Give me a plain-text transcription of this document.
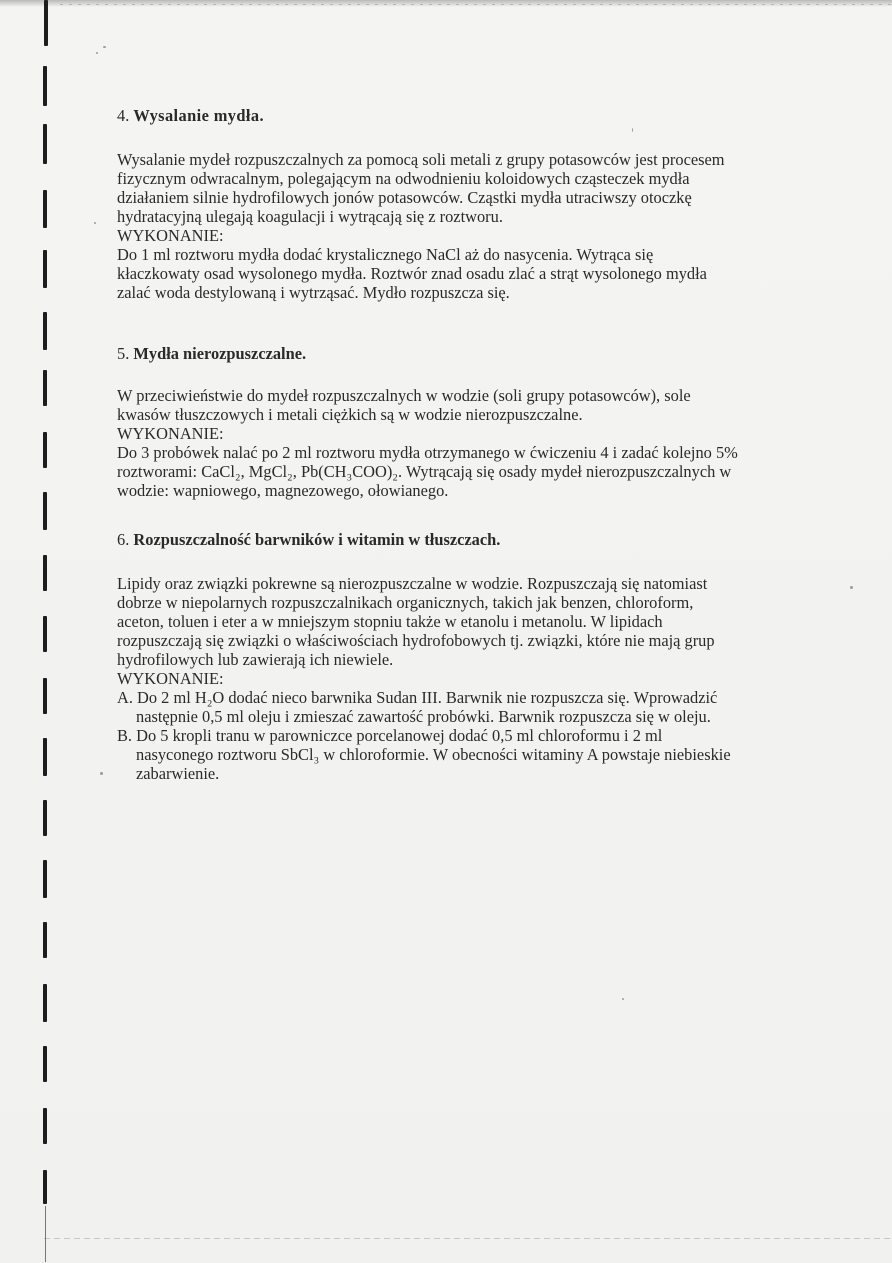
4. Wysalanie mydła.
Wysalanie mydeł rozpuszczalnych za pomocą soli metali z grupy potasowców jest procesem
fizycznym odwracalnym, polegającym na odwodnieniu koloidowych cząsteczek mydła
działaniem silnie hydrofilowych jonów potasowców. Cząstki mydła utraciwszy otoczkę
hydratacyjną ulegają koagulacji i wytrącają się z roztworu.
WYKONANIE:
Do 1 ml roztworu mydła dodać krystalicznego NaCl aż do nasycenia. Wytrąca się
kłaczkowaty osad wysolonego mydła. Roztwór znad osadu zlać a strąt wysolonego mydła
zalać woda destylowaną i wytrząsać. Mydło rozpuszcza się.
5. Mydła nierozpuszczalne.
W przeciwieństwie do mydeł rozpuszczalnych w wodzie (soli grupy potasowców), sole
kwasów tłuszczowych i metali ciężkich są w wodzie nierozpuszczalne.
WYKONANIE:
Do 3 probówek nalać po 2 ml roztworu mydła otrzymanego w ćwiczeniu 4 i zadać kolejno 5%
roztworami: CaCl₂, MgCl₂, Pb(CH₃COO)₂. Wytrącają się osady mydeł nierozpuszczalnych w
wodzie: wapniowego, magnezowego, ołowianego.
6. Rozpuszczalność barwników i witamin w tłuszczach.
Lipidy oraz związki pokrewne są nierozpuszczalne w wodzie. Rozpuszczają się natomiast
dobrze w niepolarnych rozpuszczalnikach organicznych, takich jak benzen, chloroform,
aceton, toluen i eter a w mniejszym stopniu także w etanolu i metanolu. W lipidach
rozpuszczają się związki o właściwościach hydrofobowych tj. związki, które nie mają grup
hydrofilowych lub zawierają ich niewiele.
WYKONANIE:
A. Do 2 ml H₂O dodać nieco barwnika Sudan III. Barwnik nie rozpuszcza się. Wprowadzić
następnie 0,5 ml oleju i zmieszać zawartość probówki. Barwnik rozpuszcza się w oleju.
B. Do 5 kropli tranu w parowniczce porcelanowej dodać 0,5 ml chloroformu i 2 ml
nasyconego roztworu SbCl₃ w chloroformie. W obecności witaminy A powstaje niebieskie
zabarwienie.
